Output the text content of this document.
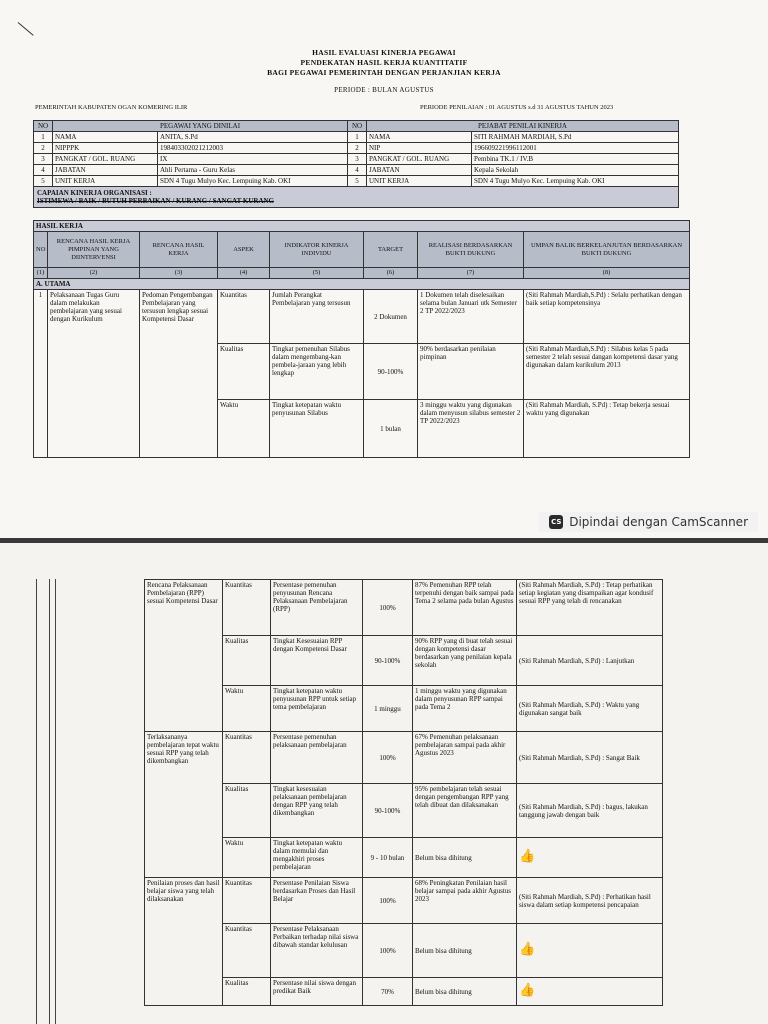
HASIL EVALUASI KINERJA PEGAWAI
PENDEKATAN HASIL KERJA KUANTITATIF
BAGI PEGAWAI PEMERINTAH DENGAN PERJANJIAN KERJA
PERIODE : BULAN AGUSTUS
PEMERINTAH KABUPATEN OGAN KOMERING ILIR	PERIODE PENILAIAN : 01 AGUSTUS s.d 31 AGUSTUS TAHUN 2023
NO	PEGAWAI YANG DINILAI		NO	PEJABAT PENILAI KINERJA	
1	NAMA	ANITA, S.Pd	1	NAMA	SITI RAHMAH MARDIAH, S.Pd
2	NIPPPK	198403302021212003	2	NIP	196609221996112001
3	PANGKAT / GOL. RUANG	IX	3	PANGKAT / GOL. RUANG	Pembina TK.1 / IV.B
4	JABATAN	Ahli Pertama - Guru Kelas	4	JABATAN	Kepala Sekolah
5	UNIT KERJA	SDN 4 Tugu Mulyo Kec. Lempuing Kab. OKI	5	UNIT KERJA	SDN 4 Tugu Mulyo Kec. Lempuing Kab. OKI

CAPAIAN KINERJA ORGANISASI :
ISTIMEWA / BAIK / BUTUH PERBAIKAN / KURANG / SANGAT KURANG					
HASIL KERJA							
NO	RENCANA HASIL KERJA PIMPINAN YANG DIINTERVENSI	RENCANA HASIL KERJA	ASPEK	INDIKATOR KINERJA INDIVIDU	TARGET	REALISASI BERDASARKAN BUKTI DUKUNG	UMPAN BALIK BERKELANJUTAN BERDASARKAN BUKTI DUKUNG
(1)	(2)	(3)	(4)	(5)	(6)	(7)	(8)
A. UTAMA							
1	Pelaksanaan Tugas Guru dalam melakukan pembelajaran yang sesuai dengan Kurikulum	Pedoman Pengembangan Pembelajaran yang tersusun lengkap sesuai Kompetensi Dasar	Kuantitas	Jumlah Perangkat Pembelajaran yang tersusun	2 Dokumen	1 Dokumen telah diselesaikan selama bulan Januari utk Semester 2 TP 2022/2023	(Siti Rahmah Mardiah,S.Pd) : Selalu perhatikan dengan baik setiap kompetensinya
			Kualitas	Tingkat pemenuhan Silabus dalam mengembang-kan pembela-jaraan yang lebih lengkap	90-100%	90% berdasarkan penilaian pimpinan	(Siti Rahmah Mardiah,S.Pd) : Silabus kelas 5 pada semester 2 telah sesuai dangan kompetensi dasar yang digunakan dalam kurikulum 2013
			Waktu	Tingkat ketepatan waktu penyusunan Silabus	1 bulan	3 minggu waktu yang digunakan dalam menyusun silabus semester 2 TP 2022/2023	(Siti Rahmah Mardiah, S.Pd) : Tetap bekerja sesuai waktu yang digunakan
CS Dipindai dengan CamScanner
Rencana Pelaksanaan Pembelajaran (RPP) sesuai Kompetensi Dasar	Kuantitas	Persentase pemenuhan penyusunan Rencana Pelaksanaan Pembelajaran (RPP)	100%	87% Pemenuhan RPP telah terpenuhi dengan baik sampai pada Tema 2 selama pada bulan Agustus	(Siti Rahmah Mardiah, S.Pd) : Tetap perhatikan setiap kegiatan yang disampaikan agar kondusif sesuai RPP yang telah di rencanakan
	Kualitas	Tingkat Kesesuaian RPP dengan Kompetensi Dasar	90-100%	90% RPP yang di buat telah sesuai dengan kompetensi dasar berdasarkan yang penilaian kepala sekolah	(Siti Rahmah Mardiah, S.Pd) : Lanjutkan
	Waktu	Tingkat ketepatan waktu penyusunan RPP untuk setiap tema pembelajaran	1 minggu	1 minggu waktu yang digunakan dalam penyusunan RPP sampai pada Tema 2	(Siti Rahmah Mardiah, S.Pd) : Waktu yang digunakan sangat baik
Terlaksananya pembelajaran tepat waktu sesuai RPP yang telah dikembangkan	Kuantitas	Persentase pemenuhan pelaksanaan pembelajaran	100%	67% Pemenuhan pelaksanaan pembelajaran sampai pada akhir Agustus 2023	(Siti Rahmah Mardiah, S.Pd) : Sangat Baik
	Kualitas	Tingkat kesesuaian pelaksanaan pembelajaran dengan RPP yang telah dikembangkan	90-100%	95% pembelajaran telah sesuai dengan pengembangan RPP yang telah dibuat dan dilaksanakan	(Siti Rahmah Mardiah, S.Pd) : bagus, lakukan tanggung jawab dengan baik
	Waktu	Tingkat ketepatan waktu dalam memulai dan mengakhiri proses pembelajaran	9 - 10 bulan	Belum bisa dihitung	👍
Penilaian proses dan hasil belajar siswa yang telah dilaksanakan	Kuantitas	Persentase Penilaian Siswa berdasarkan Proses dan Hasil Belajar	100%	68% Peningkatan Penilaian hasil belajar sampai pada akhir Agustus 2023	(Siti Rahmah Mardiah, S.Pd) : Perhatikan hasil siswa dalam setiap kompetensi pencapaian
	Kuantitas	Persentase Pelaksanaan Perbaikan terhadap nilai siswa dibawah standar kelulusan	100%	Belum bisa dihitung	👍
	Kualitas	Persentase nilai siswa dengan predikat Baik	70%	Belum bisa dihitung	👍
